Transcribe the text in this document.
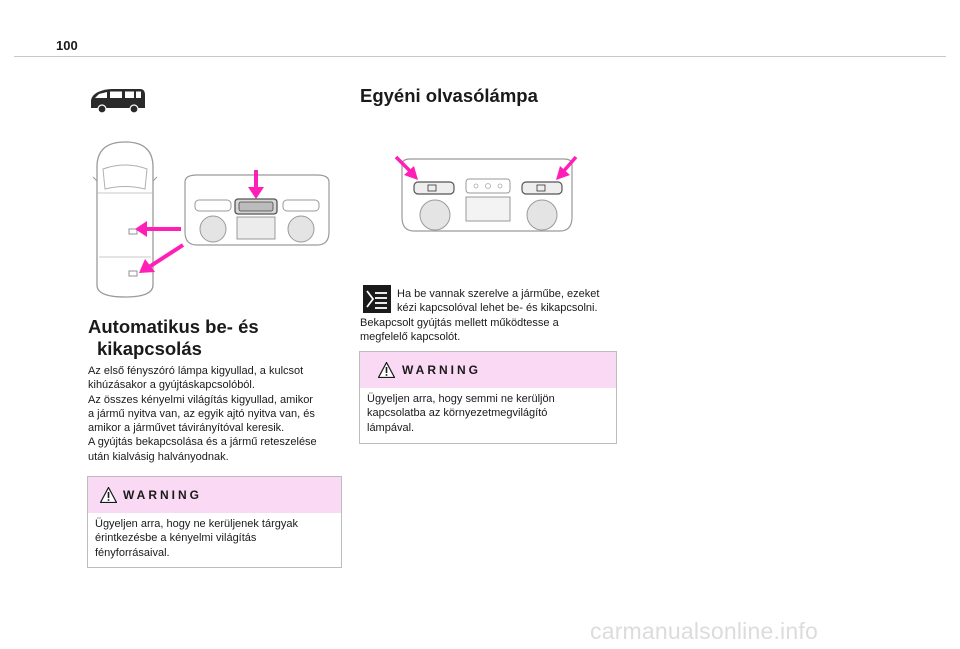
100
Automatikus be- és
kikapcsolás
Az első fényszóró lámpa kigyullad, a kulcsot
kihúzásakor a gyújtáskapcsolóból.
Az összes kényelmi világítás kigyullad, amikor
a jármű nyitva van, az egyik ajtó nyitva van, és
amikor a járművet távirányítóval keresik.
A gyújtás bekapcsolása és a jármű reteszelése
után kialvásig halványodnak.
WARNING
Ügyeljen arra, hogy ne kerüljenek tárgyak
érintkezésbe a kényelmi világítás
fényforrásaival.
Egyéni olvasólámpa
Ha be vannak szerelve a járműbe, ezeket
kézi kapcsolóval lehet be- és kikapcsolni.
Bekapcsolt gyújtás mellett működtesse a
megfelelő kapcsolót.
WARNING
Ügyeljen arra, hogy semmi ne kerüljön
kapcsolatba az környezetmegvilágító
lámpával.
carmanualsonline.info
